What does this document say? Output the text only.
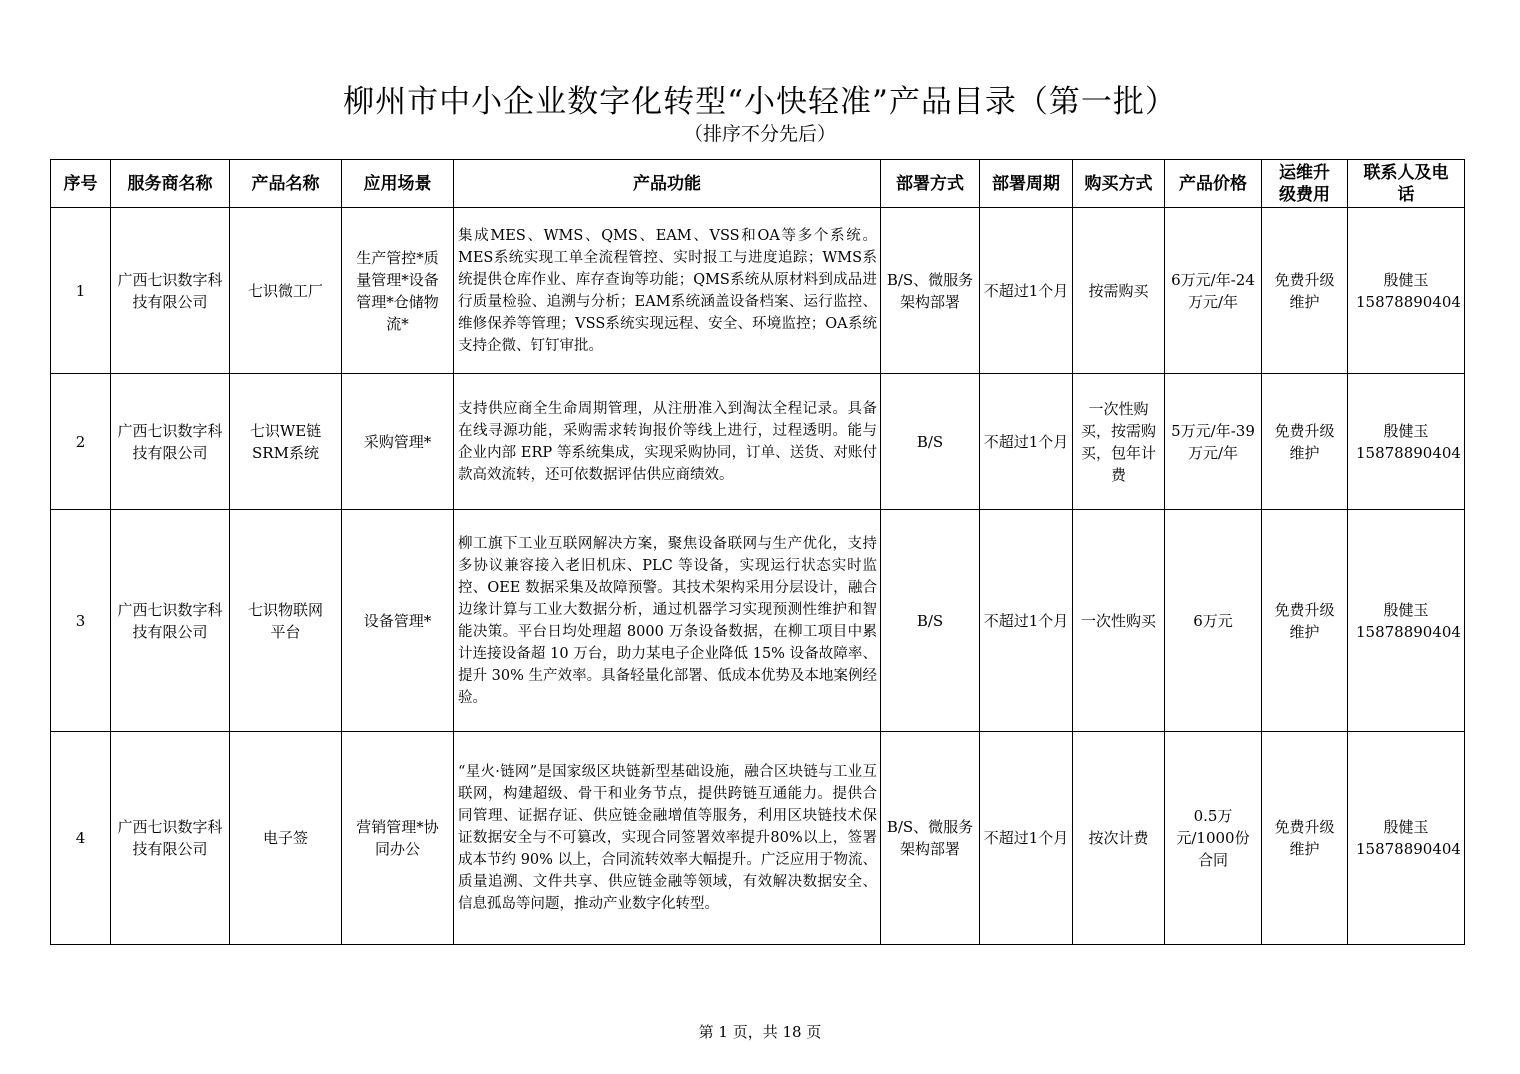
柳州市中小企业数字化转型“小快轻准”产品目录（第一批）
（排序不分先后）
序号	服务商名称	产品名称	应用场景	产品功能	部署方式	部署周期	购买方式	产品价格	运维升级费用	联系人及电话
1	广西七识数字科技有限公司	七识微工厂	生产管控*质量管理*设备管理*仓储物流*	集成MES、WMS、QMS、EAM、VSS和OA等多个系统。MES系统实现工单全流程管控、实时报工与进度追踪；WMS系统提供仓库作业、库存查询等功能；QMS系统从原材料到成品进行质量检验、追溯与分析；EAM系统涵盖设备档案、运行监控、维修保养等管理；VSS系统实现远程、安全、环境监控；OA系统支持企微、钉钉审批。	B/S、微服务架构部署	不超过1个月	按需购买	6万元/年-24万元/年	免费升级维护	殷健玉15878890404
2	广西七识数字科技有限公司	七识WE链SRM系统	采购管理*	支持供应商全生命周期管理，从注册准入到淘汰全程记录。具备在线寻源功能，采购需求转询报价等线上进行，过程透明。能与企业内部 ERP 等系统集成，实现采购协同，订单、送货、对账付款高效流转，还可依数据评估供应商绩效。	B/S	不超过1个月	一次性购买，按需购买，包年计费	5万元/年-39万元/年	免费升级维护	殷健玉15878890404
3	广西七识数字科技有限公司	七识物联网平台	设备管理*	柳工旗下工业互联网解决方案，聚焦设备联网与生产优化，支持多协议兼容接入老旧机床、PLC 等设备，实现运行状态实时监控、OEE 数据采集及故障预警。其技术架构采用分层设计，融合边缘计算与工业大数据分析，通过机器学习实现预测性维护和智能决策。平台日均处理超 8000 万条设备数据，在柳工项目中累计连接设备超 10 万台，助力某电子企业降低 15% 设备故障率、提升 30% 生产效率。具备轻量化部署、低成本优势及本地案例经验。	B/S	不超过1个月	一次性购买	6万元	免费升级维护	殷健玉15878890404
4	广西七识数字科技有限公司	电子签	营销管理*协同办公	“星火·链网”是国家级区块链新型基础设施，融合区块链与工业互联网，构建超级、骨干和业务节点，提供跨链互通能力。提供合同管理、证据存证、供应链金融增值等服务，利用区块链技术保证数据安全与不可篡改，实现合同签署效率提升80%以上，签署成本节约 90% 以上，合同流转效率大幅提升。广泛应用于物流、质量追溯、文件共享、供应链金融等领域，有效解决数据安全、信息孤岛等问题，推动产业数字化转型。	B/S、微服务架构部署	不超过1个月	按次计费	0.5万元/1000份合同	免费升级维护	殷健玉15878890404
第 1 页，共 18 页
